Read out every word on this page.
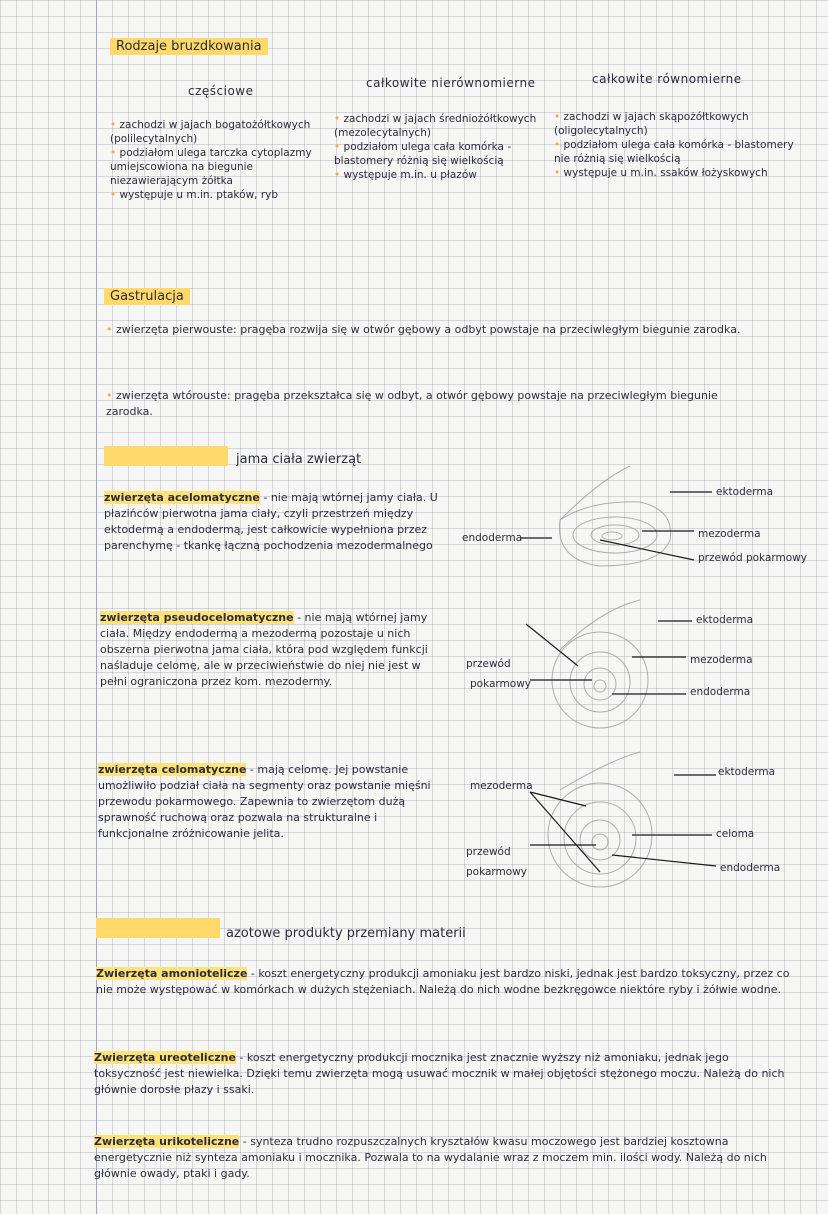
Rodzaje bruzdkowania
częściowe
całkowite nierównomierne	całkowite równomierne
• zachodzi w jajach bogatożółtkowych (polilecytalnych)
• podziałom ulega tarczka cytoplazmy umiejscowiona na biegunie niezawierającym żółtka
• występuje u m.in. ptaków, ryb
• zachodzi w jajach średniożółtkowych (mezolecytalnych)
• podziałom ulega cała komórka - blastomery różnią się wielkością
• występuje m.in. u płazów
• zachodzi w jajach skąpożółtkowych (oligolecytalnych)
• podziałom ulega cała komórka - blastomery nie różnią się wielkością
• występuje u m.in. ssaków łożyskowych
Gastrulacja
• zwierzęta pierwouste: pragęba rozwija się w otwór gębowy a odbyt powstaje na przeciwległym biegunie zarodka.
• zwierzęta wtórouste: pragęba przekształca się w odbyt, a otwór gębowy powstaje na przeciwległym biegunie zarodka.
jama ciała zwierząt
zwierzęta acelomatyczne - nie mają wtórnej jamy ciała. U płazińców pierwotna jama ciały, czyli przestrzeń między ektodermą a endodermą, jest całkowicie wypełniona przez parenchymę - tkankę łączną pochodzenia mezodermalnego
zwierzęta pseudocelomatyczne - nie mają wtórnej jamy ciała. Między endodermą a mezodermą pozostaje u nich obszerna pierwotna jama ciała, która pod względem funkcji naśladuje celomę, ale w przeciwieństwie do niej nie jest w pełni ograniczona przez kom. mezodermy.
zwierzęta celomatyczne - mają celomę. Jej powstanie umożliwiło podział ciała na segmenty oraz powstanie mięśni przewodu pokarmowego. Zapewnia to zwierzętom dużą sprawność ruchową oraz pozwala na strukturalne i funkcjonalne zróżnicowanie jelita.
ektoderma
mezoderma
przewód pokarmowy
endoderma
ektoderma
mezoderma
endoderma
przewód
pokarmowy
ektoderma
mezoderma
celoma
endoderma
przewód
pokarmowy
azotowe produkty przemiany materii
Zwierzęta amoniotelicze - koszt energetyczny produkcji amoniaku jest bardzo niski, jednak jest bardzo toksyczny, przez co nie może występować w komórkach w dużych stężeniach. Należą do nich wodne bezkręgowce niektóre ryby i żółwie wodne.
Zwierzęta ureoteliczne - koszt energetyczny produkcji mocznika jest znacznie wyższy niż amoniaku, jednak jego toksyczność jest niewielka. Dzięki temu zwierzęta mogą usuwać mocznik w małej objętości stężonego moczu. Należą do nich głównie dorosłe płazy i ssaki.
Zwierzęta urikoteliczne - synteza trudno rozpuszczalnych kryształów kwasu moczowego jest bardziej kosztowna energetycznie niż synteza amoniaku i mocznika. Pozwala to na wydalanie wraz z moczem min. ilości wody. Należą do nich głównie owady, ptaki i gady.
